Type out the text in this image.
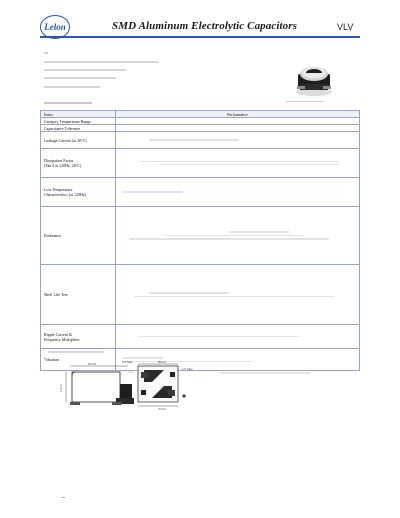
Lelon	SMD Aluminum Electrolytic Capacitors	VLV
Items	Performance
Category Temperature Range	
Capacitance Tolerance	
Leakage Current (at 20°C)	

Dissipation Factor
(Tan δ at 120Hz, 20°C)	

Low Temperature
Characteristics (at 120Hz)	

Endurance	

Shelf Life Test	

Ripple Current &
Frequency Multipliers	

Vibration	
D±0.5	0.3 Max
L±0.3
B±0.2
C±0.2
1.0 Max
